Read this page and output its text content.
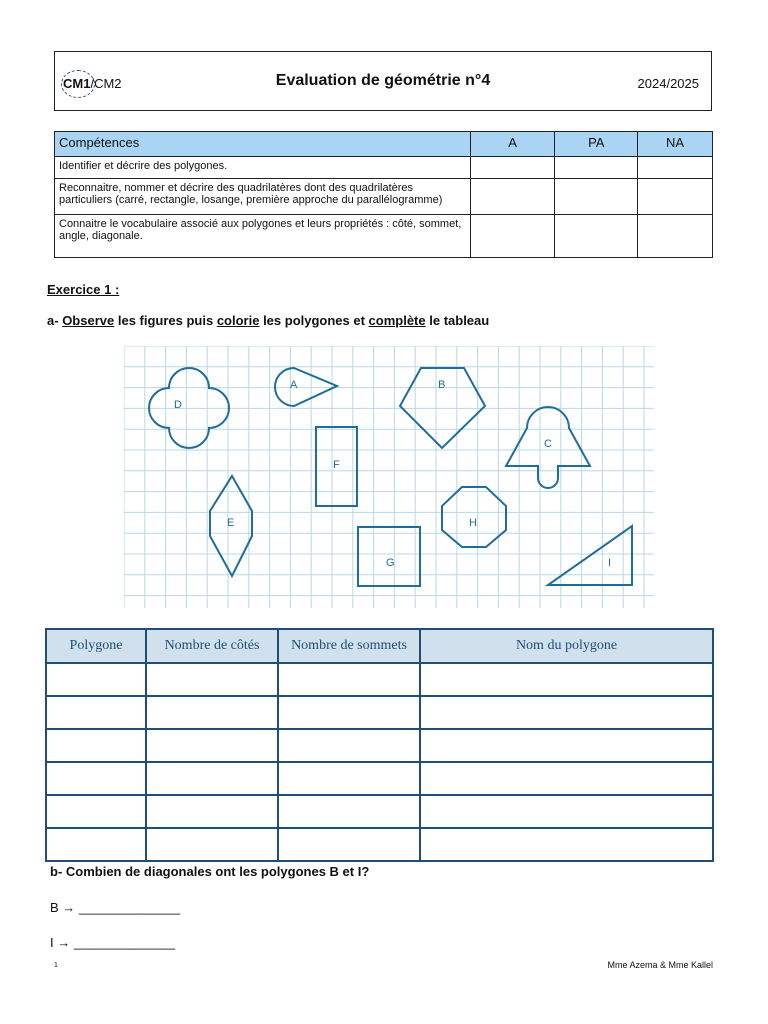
CM1/CM2	Evaluation de géométrie n°4	2024/2025
Compétences	A	PA	NA
Identifier et décrire des polygones.			
Reconnaitre, nommer et décrire des quadrilatères dont des quadrilatères particuliers (carré, rectangle, losange, première approche du parallélogramme)			
Connaitre le vocabulaire associé aux polygones et leurs propriétés : côté, sommet, angle, diagonale.			
Exercice 1 :
a- Observe les figures puis colorie les polygones et complète le tableau
D
A	B
C
F
E	H
G	I
Polygone	Nombre de côtés	Nombre de sommets	Nom du polygone

b- Combien de diagonales ont les polygones B et I?
B → ______________
I → ______________
1	Mme Azema & Mme Kallel
